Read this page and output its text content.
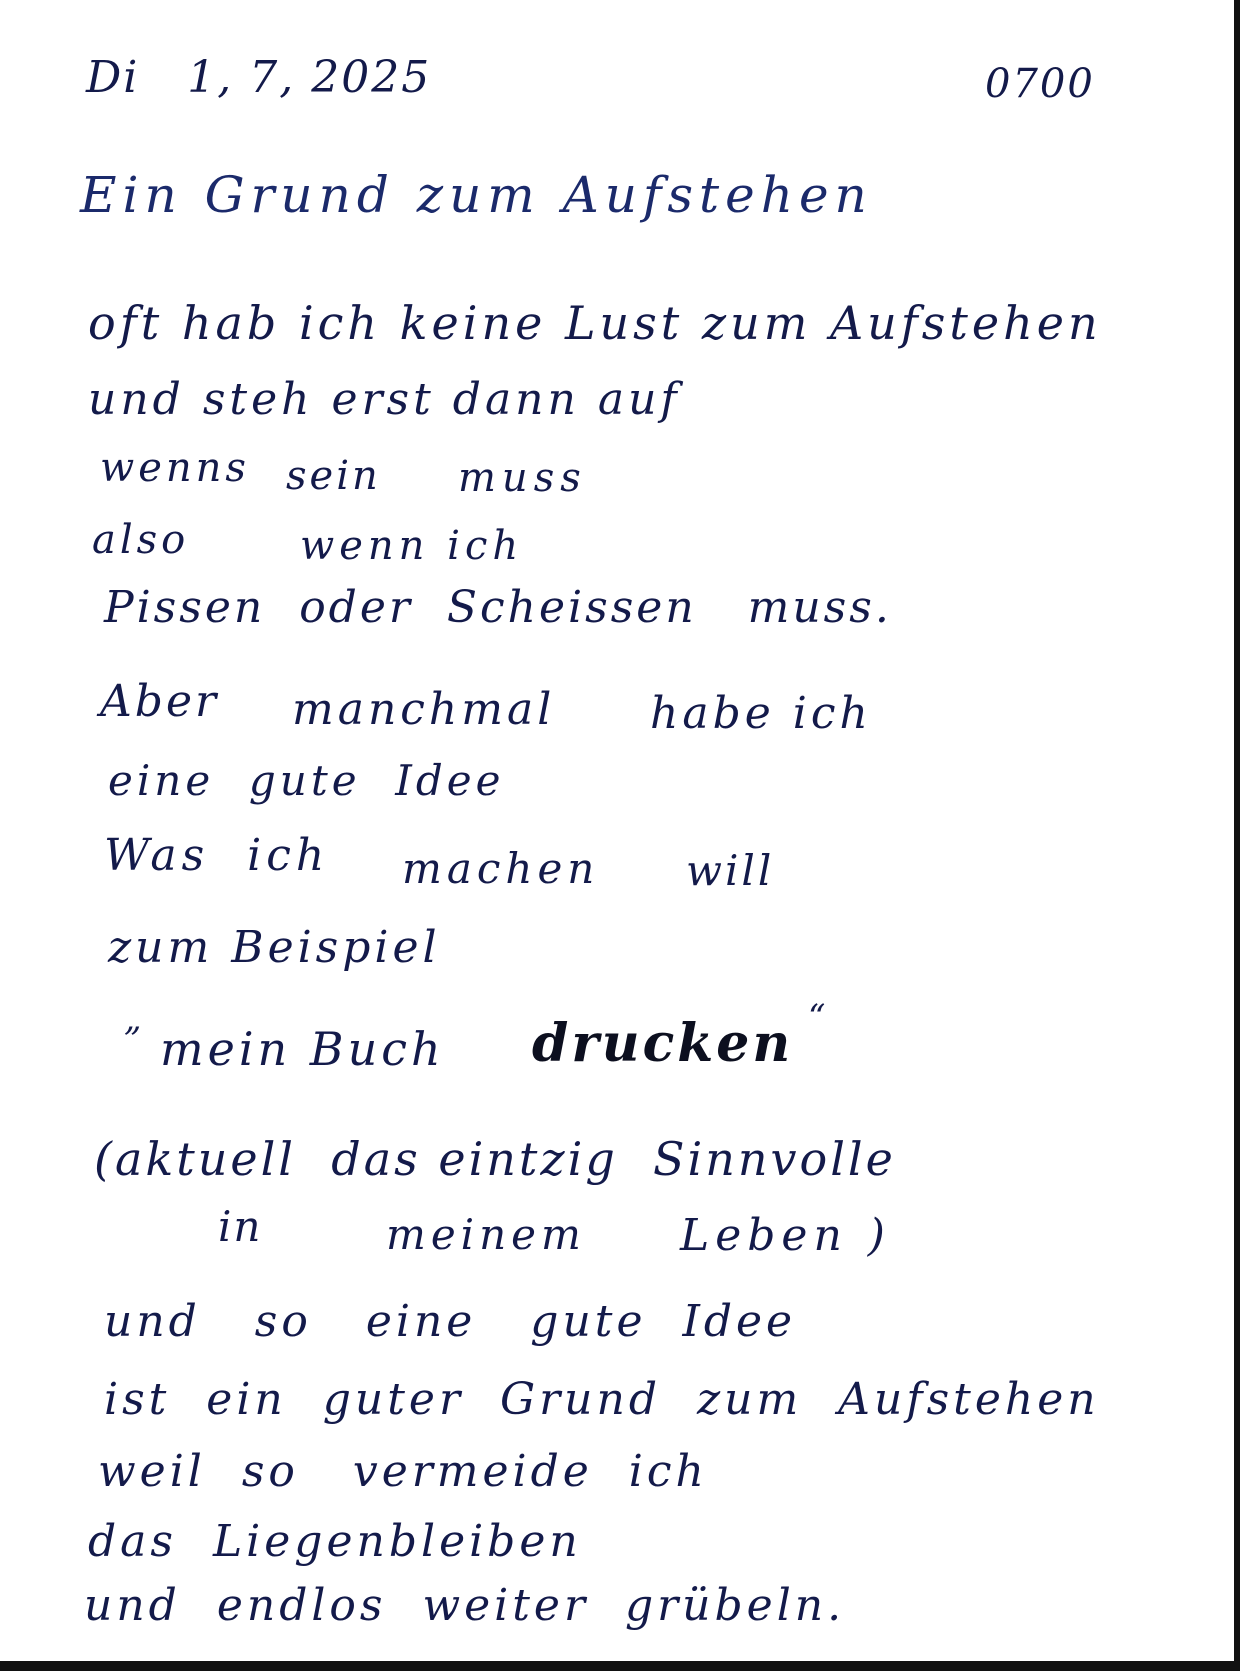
Di   1, 7, 2025	0700
Ein Grund zum Aufstehen
oft hab ich keine Lust zum Aufstehen
und steh erst dann auf
wenns sein muss
also	wenn ich
Pissen  oder  Scheissen   muss.
Aber manchmal habe ich
eine  gute  Idee
Was  ich machen will
zum Beispiel
„
mein Buch drucken “
(aktuell  das eintzig  Sinnvolle
in	meinem Leben )
und   so   eine   gute  Idee
ist  ein  guter  Grund  zum  Aufstehen
weil  so   vermeide  ich
das  Liegenbleiben
und  endlos  weiter  grübeln.
